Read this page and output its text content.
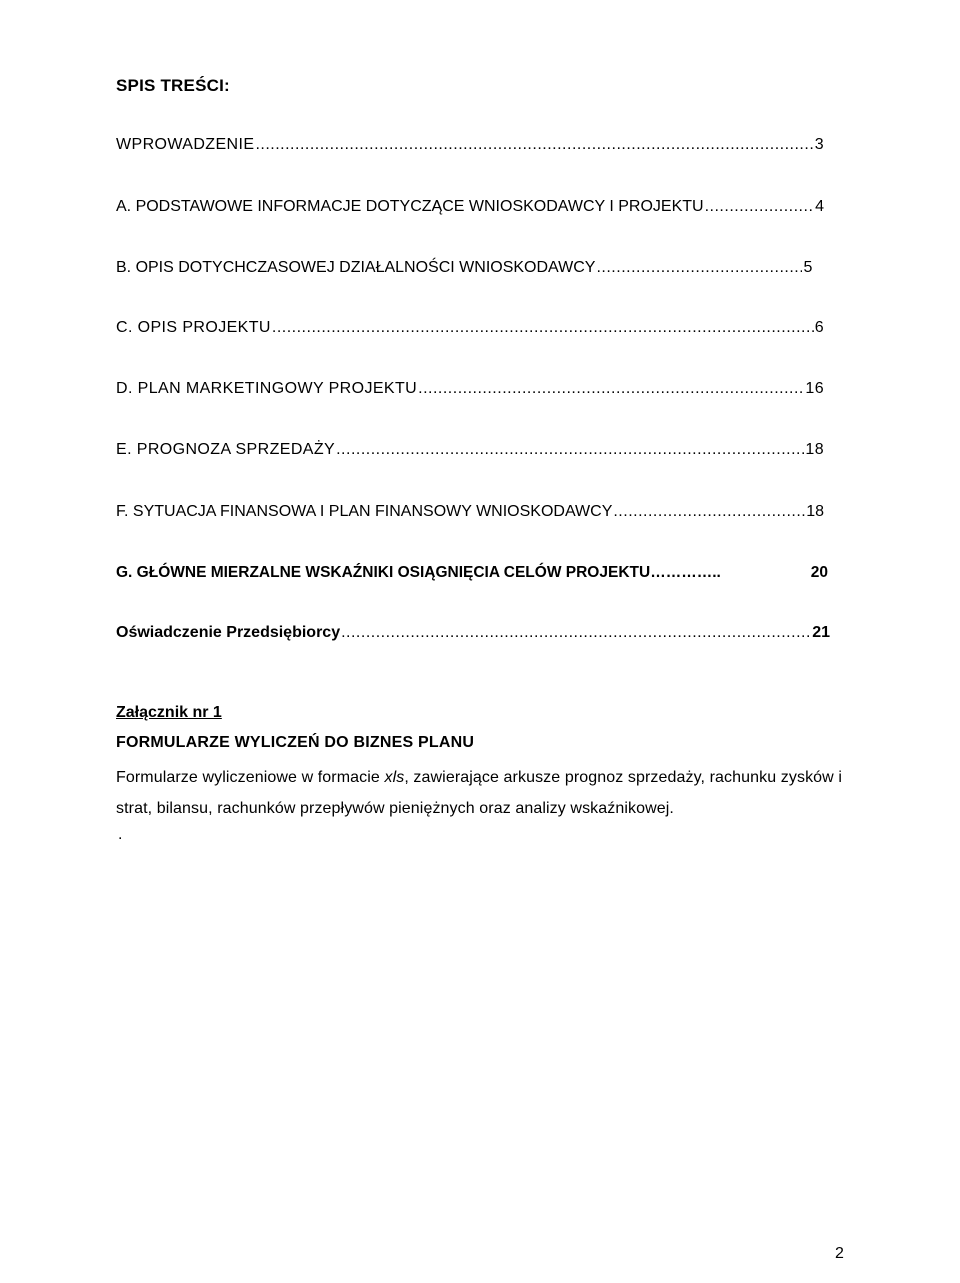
SPIS TREŚCI:
WPROWADZENIE .....	3
A. PODSTAWOWE INFORMACJE DOTYCZĄCE WNIOSKODAWCY I PROJEKTU .....	4
B. OPIS DOTYCHCZASOWEJ DZIAŁALNOŚCI WNIOSKODAWCY .....	5
C. OPIS PROJEKTU .....	6
D. PLAN MARKETINGOWY PROJEKTU .....	16
E. PROGNOZA SPRZEDAŻY .....	18
F. SYTUACJA FINANSOWA I PLAN FINANSOWY WNIOSKODAWCY .....	18
G. GŁÓWNE MIERZALNE WSKAŹNIKI OSIĄGNIĘCIA CELÓW PROJEKTU …………..	20
Oświadczenie Przedsiębiorcy .....	21
Załącznik nr 1
FORMULARZE WYLICZEŃ DO BIZNES PLANU
Formularze wyliczeniowe w formacie xls, zawierające arkusze prognoz sprzedaży, rachunku zysków i strat, bilansu, rachunków przepływów pieniężnych oraz analizy wskaźnikowej.
.
2
